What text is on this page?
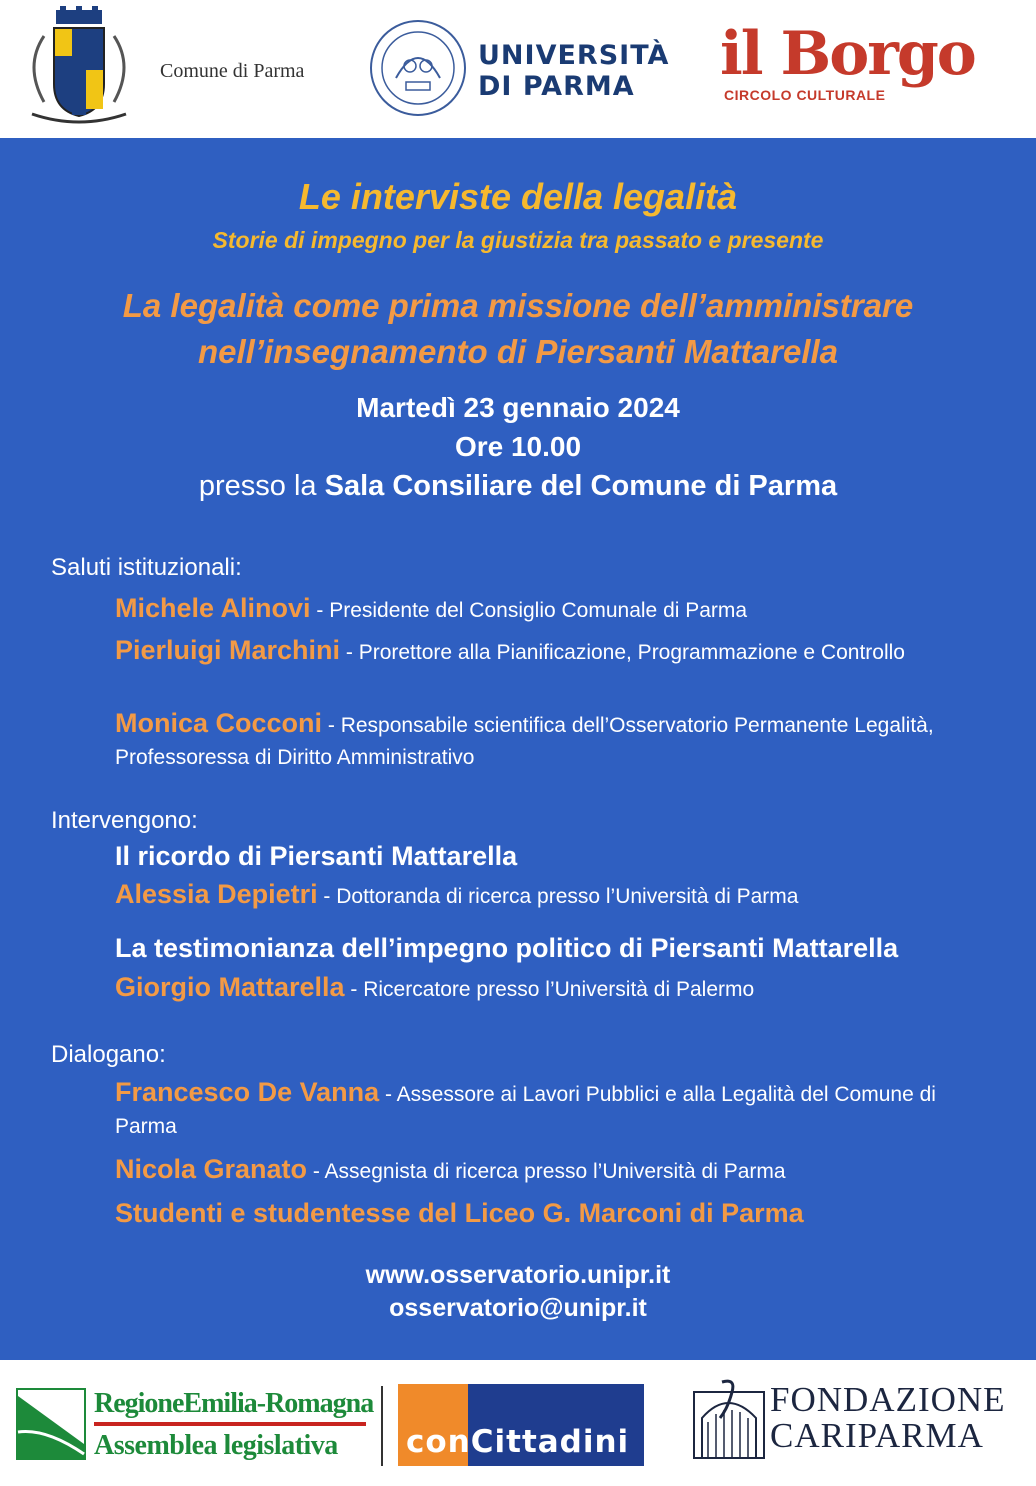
Comune di Parma	UNIVERSITÀ
DI PARMA	il Borgo
CIRCOLO CULTURALE
Le interviste della legalità
Storie di impegno per la giustizia tra passato e presente
La legalità come prima missione dell’amministrare
nell’insegnamento di Piersanti Mattarella
Martedì 23 gennaio 2024
Ore 10.00
presso la Sala Consiliare del Comune di Parma
Saluti istituzionali:
Michele Alinovi - Presidente del Consiglio Comunale di Parma
Pierluigi Marchini - Prorettore alla Pianificazione, Programmazione e Controllo
Monica Cocconi - Responsabile scientifica dell’Osservatorio Permanente Legalità, Professoressa di Diritto Amministrativo
Intervengono:
Il ricordo di Piersanti Mattarella
Alessia Depietri - Dottoranda di ricerca presso l’Università di Parma
La testimonianza dell’impegno politico di Piersanti Mattarella
Giorgio Mattarella - Ricercatore presso l’Università di Palermo
Dialogano:
Francesco De Vanna - Assessore ai Lavori Pubblici e alla Legalità del Comune di Parma
Nicola Granato - Assegnista di ricerca presso l’Università di Parma
Studenti e studentesse del Liceo G. Marconi di Parma
www.osservatorio.unipr.it
osservatorio@unipr.it
RegioneEmilia-Romagna
Assemblea legislativa conCittadini
FONDAZIONE
CARIPARMA
